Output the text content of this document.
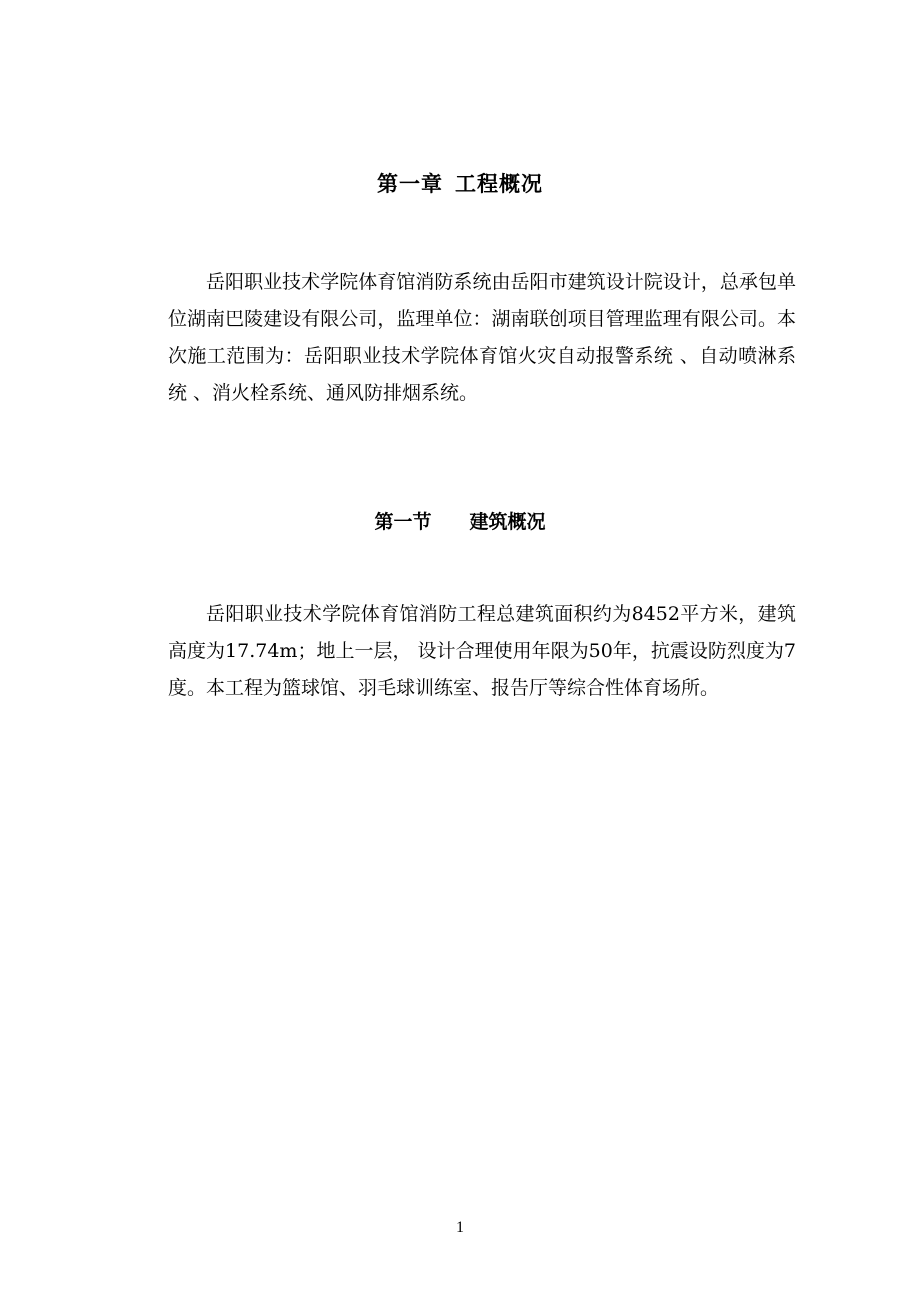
第一章 工程概况

岳阳职业技术学院体育馆消防系统由岳阳市建筑设计院设计，总承包单位湖南巴陵建设有限公司，监理单位：湖南联创项目管理监理有限公司。本次施工范围为：岳阳职业技术学院体育馆火灾自动报警系统 、自动喷淋系统 、消火栓系统、通风防排烟系统。

第一节 建筑概况

岳阳职业技术学院体育馆消防工程总建筑面积约为8452平方米，建筑高度为17.74m；地上一层， 设计合理使用年限为50年，抗震设防烈度为7度。本工程为篮球馆、羽毛球训练室、报告厅等综合性体育场所。

1
